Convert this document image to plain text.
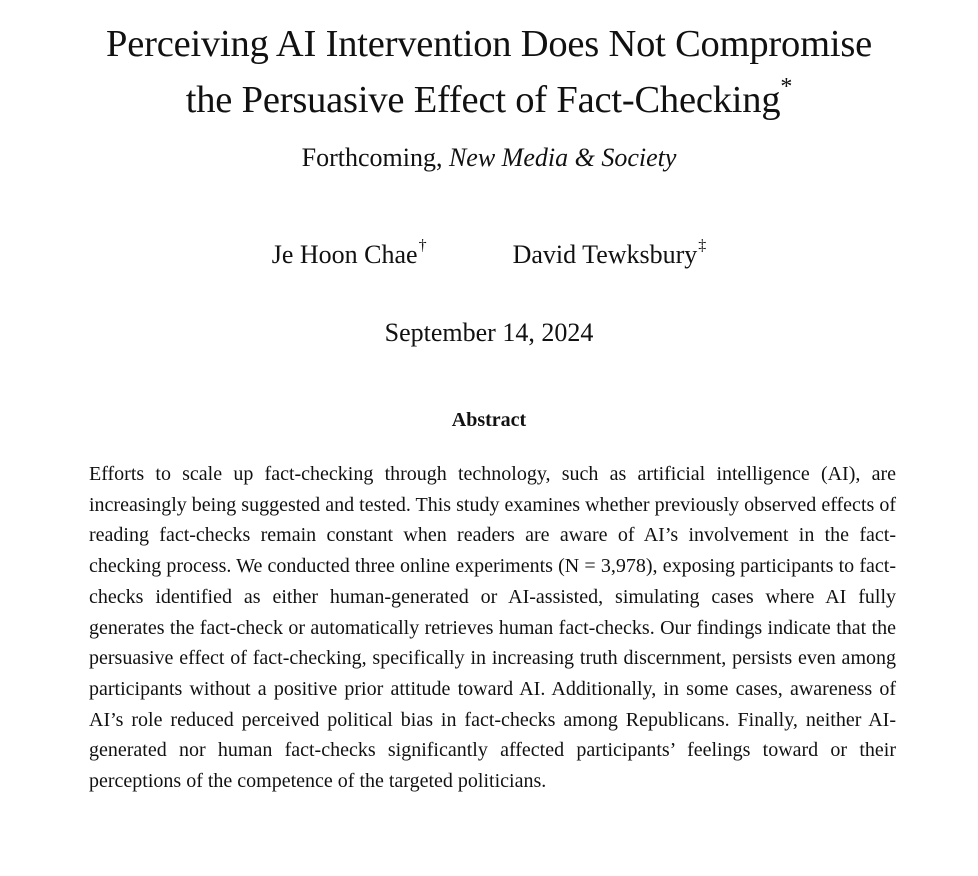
Perceiving AI Intervention Does Not Compromise
the Persuasive Effect of Fact-Checking*
Forthcoming, New Media & Society
Je Hoon Chae†	David Tewksbury‡
September 14, 2024
Abstract

Efforts to scale up fact-checking through technology, such as artificial intelligence (AI), are increasingly being suggested and tested. This study examines whether previously observed effects of reading fact-checks remain constant when readers are aware of AI’s involvement in the fact-checking process. We conducted three online experiments (N = 3,978), exposing participants to fact-checks identified as either human-generated or AI-assisted, simulating cases where AI fully generates the fact-check or automatically retrieves human fact-checks. Our findings indicate that the persuasive effect of fact-checking, specifically in increasing truth discernment, persists even among participants without a positive prior attitude toward AI. Additionally, in some cases, awareness of AI’s role reduced perceived political bias in fact-checks among Republicans. Finally, neither AI-generated nor human fact-checks significantly affected participants’ feelings toward or their perceptions of the competence of the targeted politicians.
